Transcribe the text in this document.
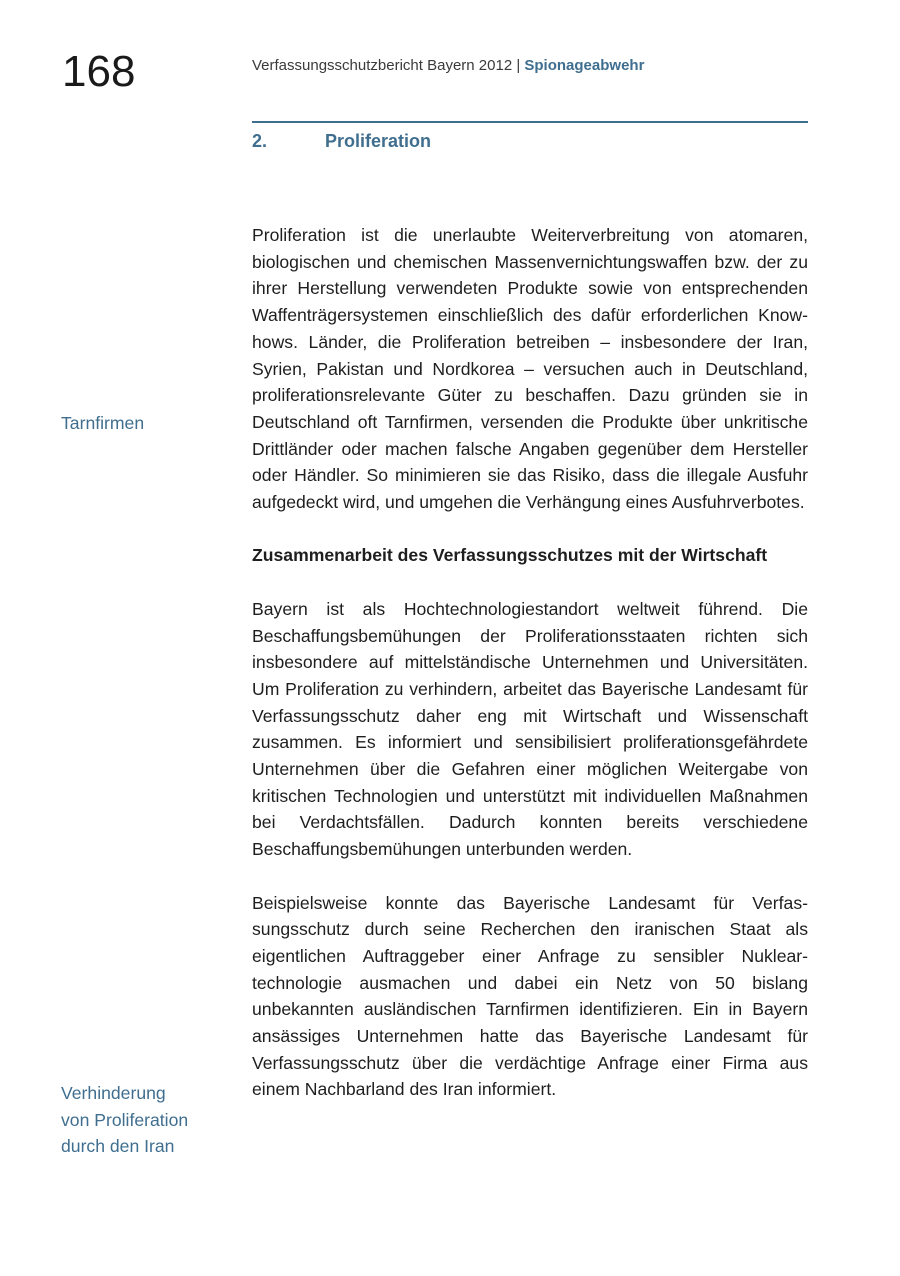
168	Verfassungsschutzbericht Bayern 2012 | Spionageabwehr
2.	Proliferation
Tarnfirmen
Verhinderung
von Proliferation
durch den Iran

Proliferation ist die unerlaubte Weiterverbreitung von atomaren, biologischen und chemischen Massenvernichtungswaffen bzw. der zu ihrer Herstellung verwendeten Produkte sowie von entsprechenden Waffenträgersystemen einschließlich des dafür erforderlichen Know-hows. Länder, die Proliferation betreiben – insbesondere der Iran, Syrien, Pakistan und Nordkorea – versuchen auch in Deutschland, proliferationsrelevante Güter zu beschaffen. Dazu gründen sie in Deutschland oft Tarnfirmen, versenden die Produkte über unkritische Drittländer oder machen falsche Angaben gegenüber dem Hersteller oder Händler. So minimieren sie das Risiko, dass die illegale Ausfuhr aufgedeckt wird, und umgehen die Verhängung eines Ausfuhrverbotes.

Zusammenarbeit des Verfassungsschutzes mit der Wirtschaft

Bayern ist als Hochtechnologiestandort weltweit führend. Die Beschaffungsbemühungen der Proliferationsstaaten richten sich insbesondere auf mittelständische Unternehmen und Universitäten. Um Proliferation zu verhindern, arbeitet das Bayerische Landesamt für Verfassungsschutz daher eng mit Wirtschaft und Wissenschaft zusammen. Es informiert und sensibilisiert proliferationsgefährdete Unternehmen über die Gefahren einer möglichen Weitergabe von kritischen Technologien und unterstützt mit individuellen Maßnahmen bei Verdachtsfällen. Dadurch konnten bereits verschiedene Beschaffungsbemühungen unterbunden werden.

Beispielsweise konnte das Bayerische Landesamt für Verfassungsschutz durch seine Recherchen den iranischen Staat als eigentlichen Auftraggeber einer Anfrage zu sensibler Nukleartechnologie ausmachen und dabei ein Netz von 50 bislang unbekannten ausländischen Tarnfirmen identifizieren. Ein in Bayern ansässiges Unternehmen hatte das Bayerische Landesamt für Verfassungsschutz über die verdächtige Anfrage einer Firma aus einem Nachbarland des Iran informiert.
